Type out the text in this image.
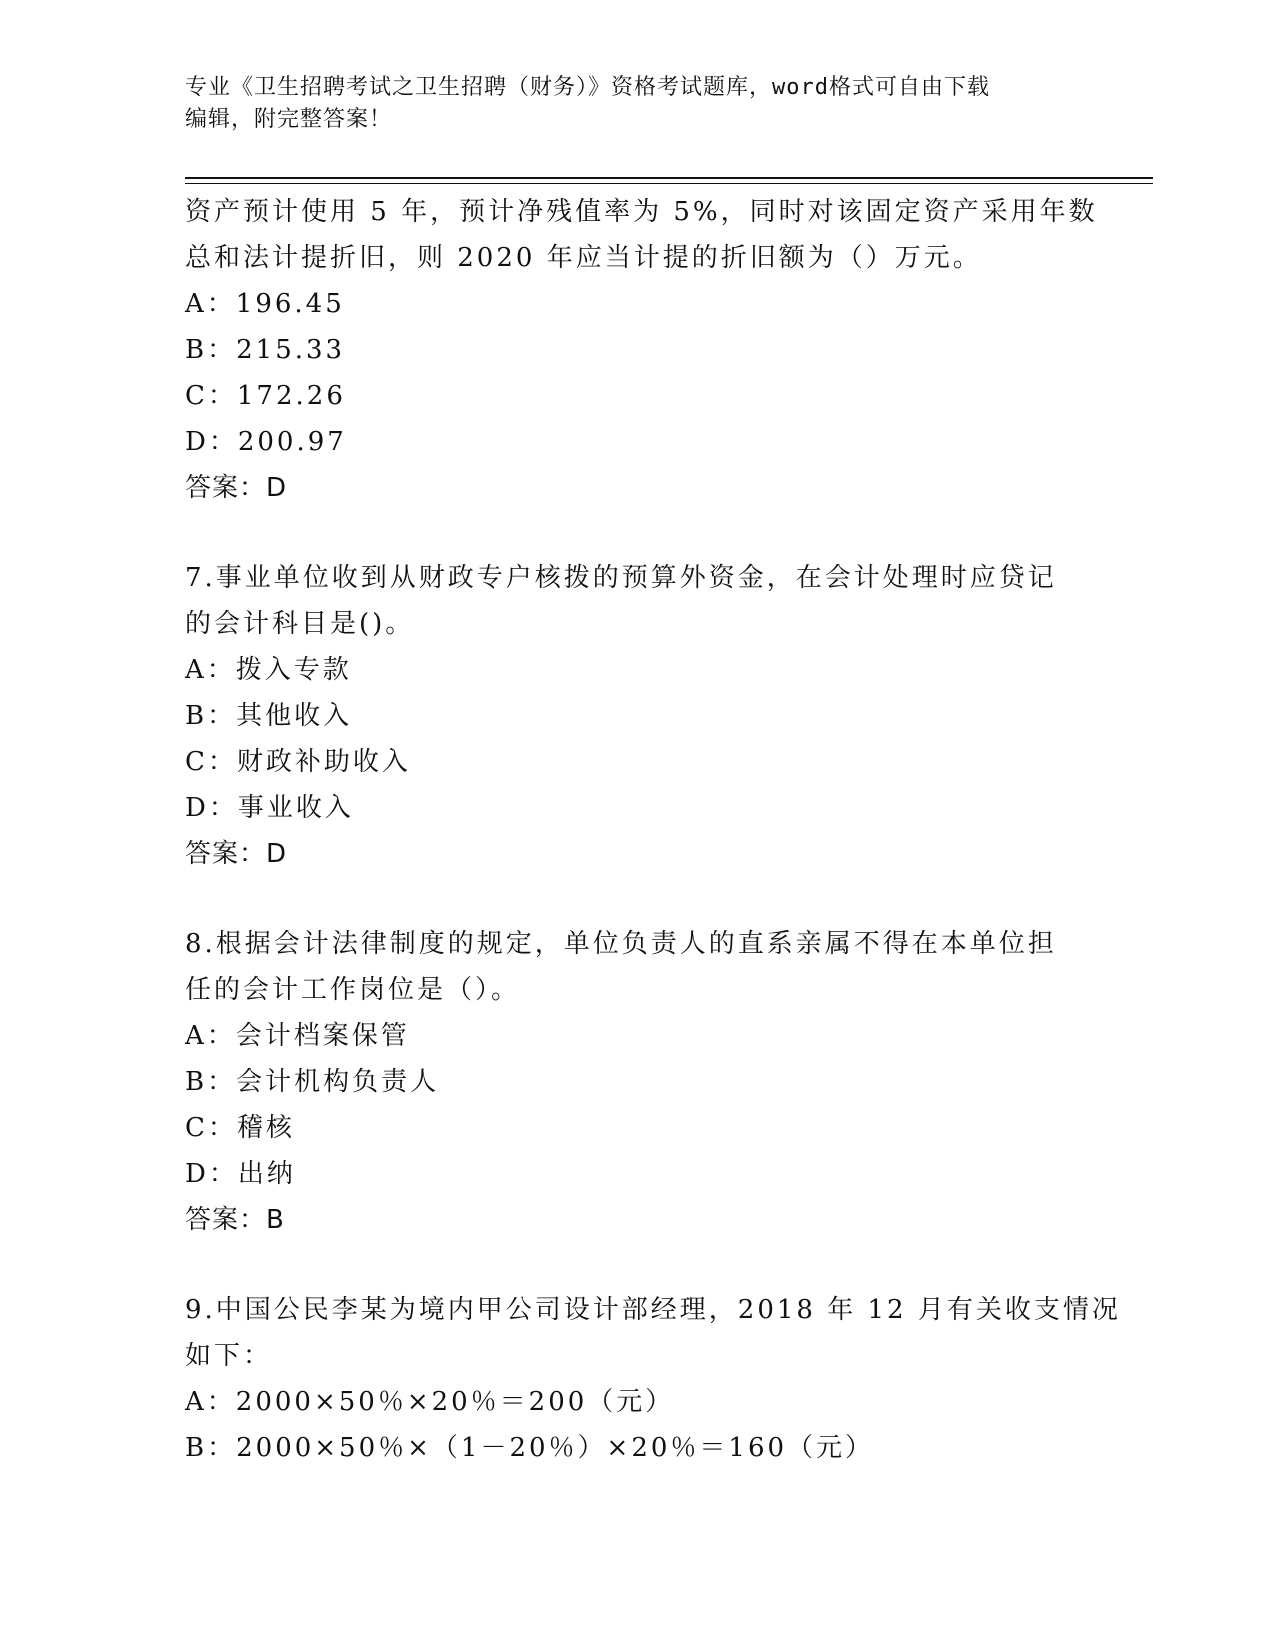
专业《卫生招聘考试之卫生招聘（财务）》资格考试题库，word格式可自由下载
编辑，附完整答案！
资产预计使用 5 年，预计净残值率为 5%，同时对该固定资产采用年数
总和法计提折旧，则 2020 年应当计提的折旧额为（）万元。
A：196.45
B：215.33
C：172.26
D：200.97
答案：D
7.事业单位收到从财政专户核拨的预算外资金，在会计处理时应贷记
的会计科目是()。
A：拨入专款
B：其他收入
C：财政补助收入
D：事业收入
答案：D
8.根据会计法律制度的规定，单位负责人的直系亲属不得在本单位担
任的会计工作岗位是（）。
A：会计档案保管
B：会计机构负责人
C：稽核
D：出纳
答案：B
9.中国公民李某为境内甲公司设计部经理，2018 年 12 月有关收支情况
如下：
A：2000×50％×20％＝200（元）
B：2000×50％×（1－20％）×20％＝160（元）
